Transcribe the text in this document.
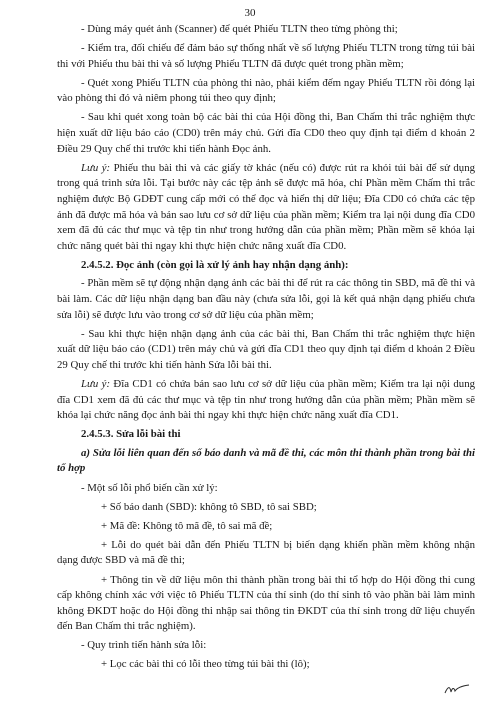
30

- Dùng máy quét ảnh (Scanner) để quét Phiếu TLTN theo từng phòng thi;

- Kiểm tra, đối chiếu để đảm bảo sự thống nhất về số lượng Phiếu TLTN trong từng túi bài thi với Phiếu thu bài thi và số lượng Phiếu TLTN đã được quét trong phần mềm;

- Quét xong Phiếu TLTN của phòng thi nào, phải kiểm đếm ngay Phiếu TLTN rồi đóng lại vào phòng thi đó và niêm phong túi theo quy định;

- Sau khi quét xong toàn bộ các bài thi của Hội đồng thi, Ban Chấm thi trắc nghiệm thực hiện xuất dữ liệu báo cáo (CD0) trên máy chủ. Gửi đĩa CD0 theo quy định tại điểm d khoản 2 Điều 29 Quy chế thi trước khi tiến hành Đọc ảnh.

Lưu ý: Phiếu thu bài thi và các giấy tờ khác (nếu có) được rút ra khỏi túi bài để sử dụng trong quá trình sửa lỗi. Tại bước này các tệp ảnh sẽ được mã hóa, chỉ Phần mềm Chấm thi trắc nghiệm được Bộ GDĐT cung cấp mới có thể đọc và hiển thị dữ liệu; Đĩa CD0 có chứa các tệp ảnh đã được mã hóa và bản sao lưu cơ sở dữ liệu của phần mềm; Kiểm tra lại nội dung đĩa CD0 xem đã đủ các thư mục và tệp tin như trong hướng dẫn của phần mềm; Phần mềm sẽ khóa lại chức năng quét bài thi ngay khi thực hiện chức năng xuất đĩa CD0.

2.4.5.2. Đọc ảnh (còn gọi là xử lý ảnh hay nhận dạng ảnh):

- Phần mềm sẽ tự động nhận dạng ảnh các bài thi để rút ra các thông tin SBD, mã đề thi và bài làm. Các dữ liệu nhận dạng ban đầu này (chưa sửa lỗi, gọi là kết quả nhận dạng phiếu chưa sửa lỗi) sẽ được lưu vào trong cơ sở dữ liệu của phần mềm;

- Sau khi thực hiện nhận dạng ảnh của các bài thi, Ban Chấm thi trắc nghiệm thực hiện xuất dữ liệu báo cáo (CD1) trên máy chủ và gửi đĩa CD1 theo quy định tại điểm d khoản 2 Điều 29 Quy chế thi trước khi tiến hành Sửa lỗi bài thi.

Lưu ý: Đĩa CD1 có chứa bản sao lưu cơ sở dữ liệu của phần mềm; Kiểm tra lại nội dung đĩa CD1 xem đã đủ các thư mục và tệp tin như trong hướng dẫn của phần mềm; Phần mềm sẽ khóa lại chức năng đọc ảnh bài thi ngay khi thực hiện chức năng xuất đĩa CD1.

2.4.5.3. Sửa lỗi bài thi

a) Sửa lỗi liên quan đến số báo danh và mã đề thi, các môn thi thành phần trong bài thi tổ hợp

- Một số lỗi phổ biến cần xử lý:

+ Số báo danh (SBD): không tô SBD, tô sai SBD;

+ Mã đề: Không tô mã đề, tô sai mã đề;

+ Lỗi do quét bài dẫn đến Phiếu TLTN bị biến dạng khiến phần mềm không nhận dạng được SBD và mã đề thi;

+ Thông tin về dữ liệu môn thi thành phần trong bài thi tổ hợp do Hội đồng thi cung cấp không chính xác với việc tô Phiếu TLTN của thí sinh (do thí sinh tô vào phần bài làm mình không ĐKDT hoặc do Hội đồng thi nhập sai thông tin ĐKDT của thí sinh trong dữ liệu chuyển đến Ban Chấm thi trắc nghiệm).

- Quy trình tiến hành sửa lỗi:

+ Lọc các bài thi có lỗi theo từng túi bài thi (lô);
